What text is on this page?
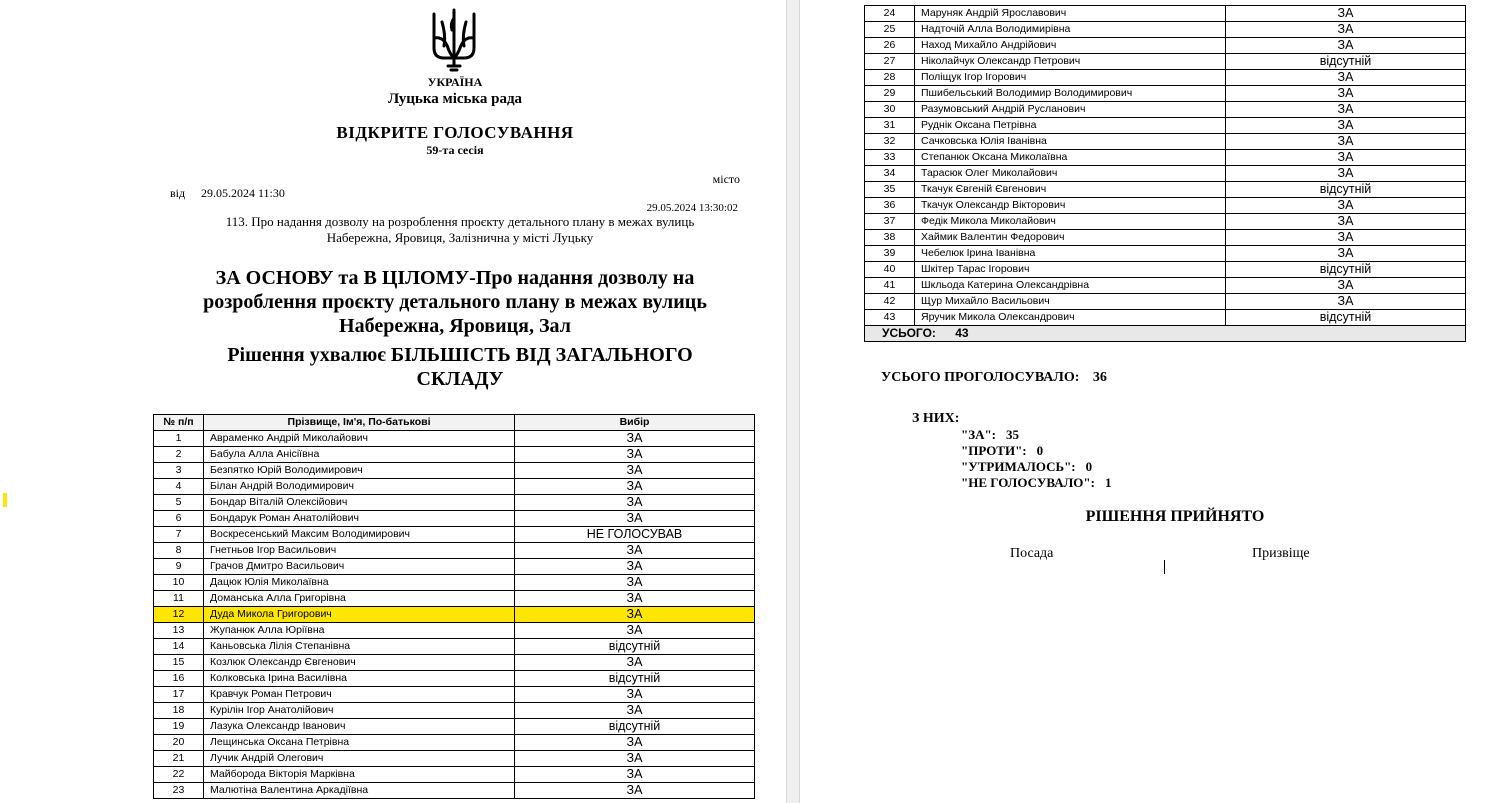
УКРАЇНА
Луцька міська рада
ВІДКРИТЕ ГОЛОСУВАННЯ
59-та сесія
місто
від 29.05.2024 11:30
29.05.2024 13:30:02
113. Про надання дозволу на розроблення проєкту детального плану в межах вулиць
Набережна, Яровиця, Залізнична у місті Луцьку
ЗА ОСНОВУ та В ЦІЛОМУ-Про надання дозволу на
розроблення проєкту детального плану в межах вулиць
Набережна, Яровиця, Зал
Рішення ухвалює БІЛЬШІСТЬ ВІД ЗАГАЛЬНОГО
СКЛАДУ
№ п/п	Прізвище, Ім'я, По-батькові	Вибір
1	Авраменко Андрій Миколайович	ЗА
2	Бабула Алла Анісіївна	ЗА
3	Безпятко Юрій Володимирович	ЗА
4	Білан Андрій Володимирович	ЗА
5	Бондар Віталій Олексійович	ЗА
6	Бондарук Роман Анатолійович	ЗА
7	Воскресенський Максим Володимирович	НЕ ГОЛОСУВАВ
8	Гнетньов Ігор Васильович	ЗА
9	Грачов Дмитро Васильович	ЗА
10	Дацюк Юлія Миколаївна	ЗА
11	Доманська Алла Григорівна	ЗА
12	Дуда Микола Григорович	ЗА
13	Жупанюк Алла Юріївна	ЗА
14	Каньовська Лілія Степанівна	відсутній
15	Козлюк Олександр Євгенович	ЗА
16	Колковська Ірина Василівна	відсутній
17	Кравчук Роман Петрович	ЗА
18	Курілін Ігор Анатолійович	ЗА
19	Лазука Олександр Іванович	відсутній
20	Лещинська Оксана Петрівна	ЗА
21	Лучик Андрій Олегович	ЗА
22	Майборода Вікторія Марківна	ЗА
23	Малютіна Валентина Аркадіївна	ЗА
24	Маруняк Андрій Ярославович	ЗА
25	Надточій Алла Володимирівна	ЗА
26	Наход Михайло Андрійович	ЗА
27	Ніколайчук Олександр Петрович	відсутній
28	Поліщук Ігор Ігорович	ЗА
29	Пшибельський Володимир Володимирович	ЗА
30	Разумовський Андрій Русланович	ЗА
31	Руднік Оксана Петрівна	ЗА
32	Сачковська Юлія Іванівна	ЗА
33	Степанюк Оксана Миколаївна	ЗА
34	Тарасюк Олег Миколайович	ЗА
35	Ткачук Євгеній Євгенович	відсутній
36	Ткачук Олександр Вікторович	ЗА
37	Федік Микола Миколайович	ЗА
38	Хаймик Валентин Федорович	ЗА
39	Чебелюк Ірина Іванівна	ЗА
40	Шкітер Тарас Ігорович	відсутній
41	Шкльода Катерина Олександрівна	ЗА
42	Щур Михайло Васильович	ЗА
43	Яручик Микола Олександрович	відсутній
УСЬОГО: 43		
УСЬОГО ПРОГОЛОСУВАЛО: 36
З НИХ:
"ЗА": 35
"ПРОТИ": 0
"УТРИМАЛОСЬ": 0
"НЕ ГОЛОСУВАЛО": 1
РІШЕННЯ ПРИЙНЯТО
Посада	Призвіще
